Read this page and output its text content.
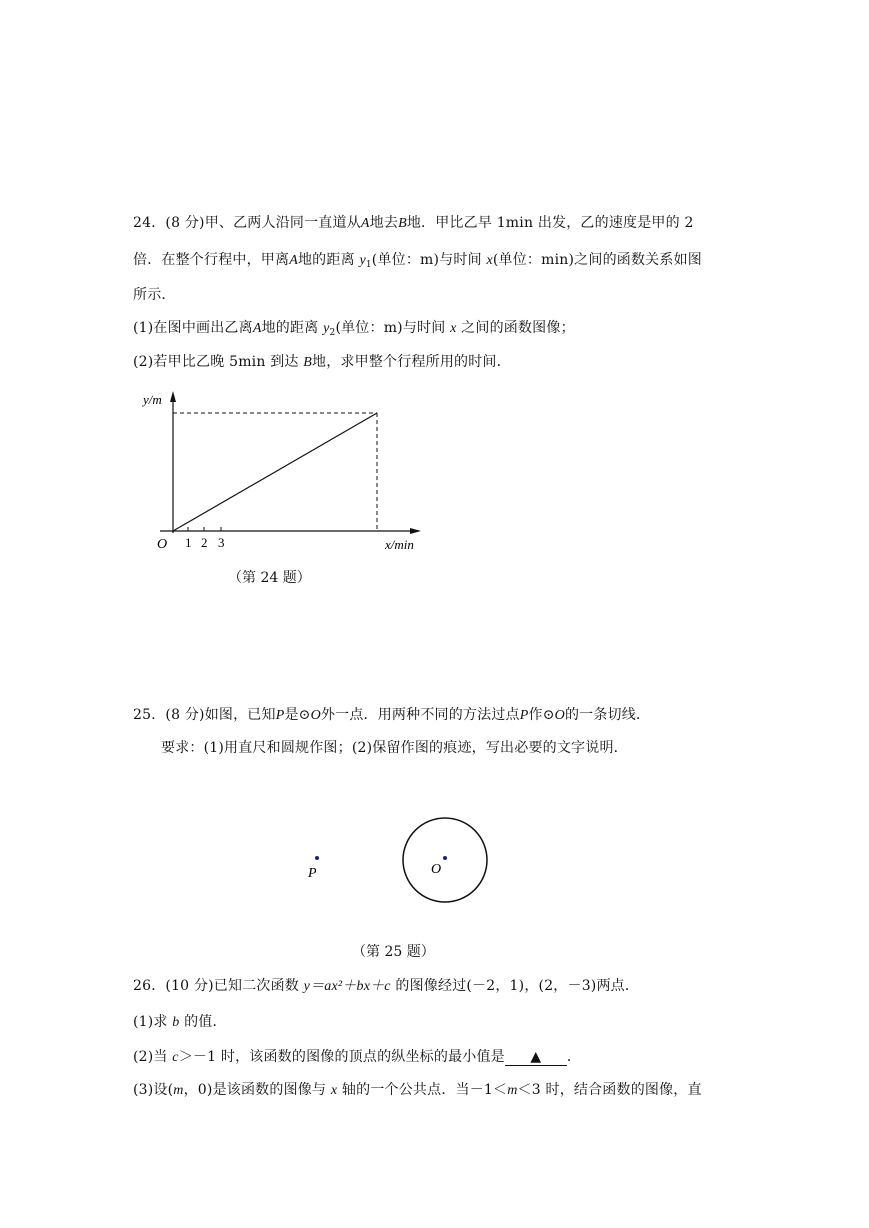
24．(8 分)甲、乙两人沿同一直道从A地去B地．甲比乙早 1min 出发，乙的速度是甲的 2
倍．在整个行程中，甲离A地的距离 $y_1$(单位：m)与时间 x(单位：min)之间的函数关系如图
所示．
(1)在图中画出乙离A地的距离 $y_2$(单位：m)与时间 x 之间的函数图像；
(2)若甲比乙晚 5min 到达 B地，求甲整个行程所用的时间．
y/m
x/min
O 1 2 3
（第 24 题）
25．(8 分)如图，已知P是⊙O外一点．用两种不同的方法过点P作⊙O的一条切线．
要求：(1)用直尺和圆规作图；(2)保留作图的痕迹，写出必要的文字说明．
P	O
（第 25 题）
26．(10 分)已知二次函数 y＝ax²＋bx＋c 的图像经过(－2，1)，(2，－3)两点．
(1)求 b 的值．
(2)当 c＞－1 时，该函数的图像的顶点的纵坐标的最小值是 ▲ ．
(3)设(m，0)是该函数的图像与 x 轴的一个公共点．当－1＜m＜3 时，结合函数的图像，直
